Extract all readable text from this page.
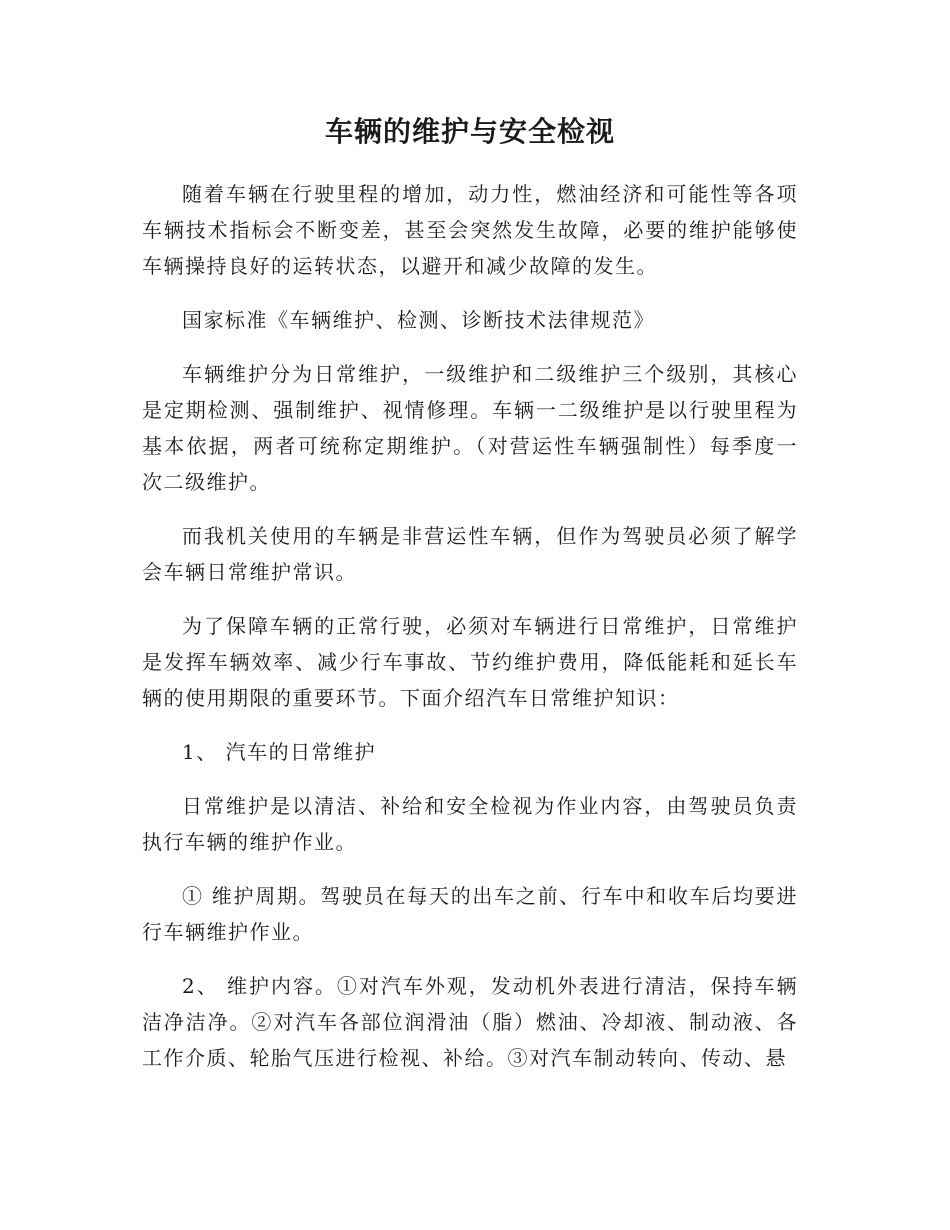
车辆的维护与安全检视

随着车辆在行驶里程的增加，动力性，燃油经济和可能性等各项车辆技术指标会不断变差，甚至会突然发生故障，必要的维护能够使车辆操持良好的运转状态，以避开和减少故障的发生。

国家标准《车辆维护、检测、诊断技术法律规范》

车辆维护分为日常维护，一级维护和二级维护三个级别，其核心是定期检测、强制维护、视情修理。车辆一二级维护是以行驶里程为基本依据，两者可统称定期维护。（对营运性车辆强制性）每季度一次二级维护。

而我机关使用的车辆是非营运性车辆，但作为驾驶员必须了解学会车辆日常维护常识。

为了保障车辆的正常行驶，必须对车辆进行日常维护，日常维护是发挥车辆效率、减少行车事故、节约维护费用，降低能耗和延长车辆的使用期限的重要环节。下面介绍汽车日常维护知识：

1、 汽车的日常维护

日常维护是以清洁、补给和安全检视为作业内容，由驾驶员负责执行车辆的维护作业。

① 维护周期。驾驶员在每天的出车之前、行车中和收车后均要进行车辆维护作业。

2、 维护内容。①对汽车外观，发动机外表进行清洁，保持车辆洁净洁净。②对汽车各部位润滑油（脂）燃油、冷却液、制动液、各工作介质、轮胎气压进行检视、补给。③对汽车制动转向、传动、悬
